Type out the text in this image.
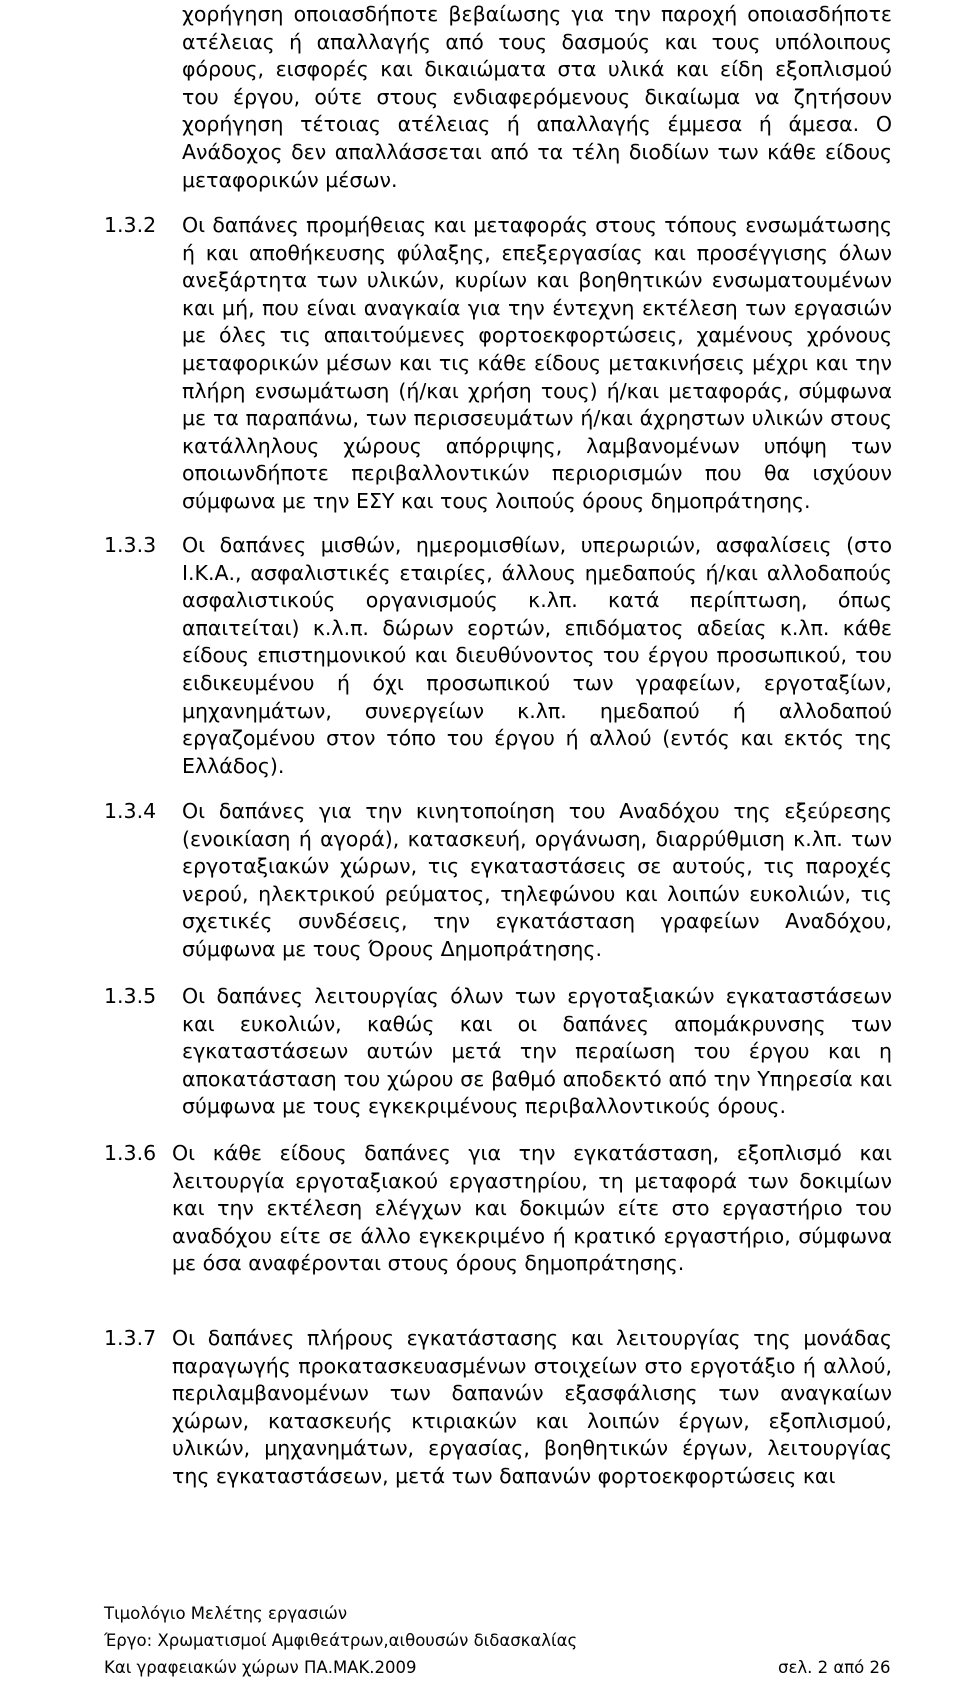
χορήγηση οποιασδήποτε βεβαίωσης για την παροχή οποιασδήποτε ατέλειας ή απαλλαγής από τους δασμούς και τους υπόλοιπους φόρους, εισφορές και δικαιώματα στα υλικά και είδη εξοπλισμού του έργου, ούτε στους ενδιαφερόμενους δικαίωμα να ζητήσουν χορήγηση τέτοιας ατέλειας ή απαλλαγής έμμεσα ή άμεσα. Ο Ανάδοχος δεν απαλλάσσεται από τα τέλη διοδίων των κάθε είδους μεταφορικών μέσων.

1.3.2 Οι δαπάνες προμήθειας και μεταφοράς στους τόπους ενσωμάτωσης ή και αποθήκευσης φύλαξης, επεξεργασίας και προσέγγισης όλων ανεξάρτητα των υλικών, κυρίων και βοηθητικών ενσωματουμένων και μή, που είναι αναγκαία για την έντεχνη εκτέλεση των εργασιών με όλες τις απαιτούμενες φορτοεκφορτώσεις, χαμένους χρόνους μεταφορικών μέσων και τις κάθε είδους μετακινήσεις μέχρι και την πλήρη ενσωμάτωση (ή/και χρήση τους) ή/και μεταφοράς, σύμφωνα με τα παραπάνω, των περισσευμάτων ή/και άχρηστων υλικών στους κατάλληλους χώρους απόρριψης, λαμβανομένων υπόψη των οποιωνδήποτε περιβαλλοντικών περιορισμών που θα ισχύουν σύμφωνα με την ΕΣΥ και τους λοιπούς όρους δημοπράτησης.
1.3.3 Οι δαπάνες μισθών, ημερομισθίων, υπερωριών, ασφαλίσεις (στο Ι.Κ.Α., ασφαλιστικές εταιρίες, άλλους ημεδαπούς ή/και αλλοδαπούς ασφαλιστικούς οργανισμούς κ.λπ. κατά περίπτωση, όπως απαιτείται) κ.λ.π. δώρων εορτών, επιδόματος αδείας κ.λπ. κάθε είδους επιστημονικού και διευθύνοντος του έργου προσωπικού, του ειδικευμένου ή όχι προσωπικού των γραφείων, εργοταξίων, μηχανημάτων, συνεργείων κ.λπ. ημεδαπού ή αλλοδαπού εργαζομένου στον τόπο του έργου ή αλλού (εντός και εκτός της Ελλάδος).
1.3.4 Οι δαπάνες για την κινητοποίηση του Αναδόχου της εξεύρεσης (ενοικίαση ή αγορά), κατασκευή, οργάνωση, διαρρύθμιση κ.λπ. των εργοταξιακών χώρων, τις εγκαταστάσεις σε αυτούς, τις παροχές νερού, ηλεκτρικού ρεύματος, τηλεφώνου και λοιπών ευκολιών, τις σχετικές συνδέσεις, την εγκατάσταση γραφείων Αναδόχου, σύμφωνα με τους Όρους Δημοπράτησης.
1.3.5 Οι δαπάνες λειτουργίας όλων των εργοταξιακών εγκαταστάσεων και ευκολιών, καθώς και οι δαπάνες απομάκρυνσης των εγκαταστάσεων αυτών μετά την περαίωση του έργου και η αποκατάσταση του χώρου σε βαθμό αποδεκτό από την Υπηρεσία και σύμφωνα με τους εγκεκριμένους περιβαλλοντικούς όρους.
1.3.6 Οι κάθε είδους δαπάνες για την εγκατάσταση, εξοπλισμό και λειτουργία εργοταξιακού εργαστηρίου, τη μεταφορά των δοκιμίων και την εκτέλεση ελέγχων και δοκιμών είτε στο εργαστήριο του αναδόχου είτε σε άλλο εγκεκριμένο ή κρατικό εργαστήριο, σύμφωνα με όσα αναφέρονται στους όρους δημοπράτησης.
1.3.7 Οι δαπάνες πλήρους εγκατάστασης και λειτουργίας της μονάδας παραγωγής προκατασκευασμένων στοιχείων στο εργοτάξιο ή αλλού, περιλαμβανομένων των δαπανών εξασφάλισης των αναγκαίων χώρων, κατασκευής κτιριακών και λοιπών έργων, εξοπλισμού, υλικών, μηχανημάτων, εργασίας, βοηθητικών έργων, λειτουργίας της εγκαταστάσεων, μετά των δαπανών φορτοεκφορτώσεις και
Τιμολόγιο Μελέτης εργασιών
Έργο: Χρωματισμοί Αμφιθεάτρων,αιθουσών διδασκαλίας
Και γραφειακών χώρων ΠΑ.ΜΑΚ.2009	σελ. 2 από 26
